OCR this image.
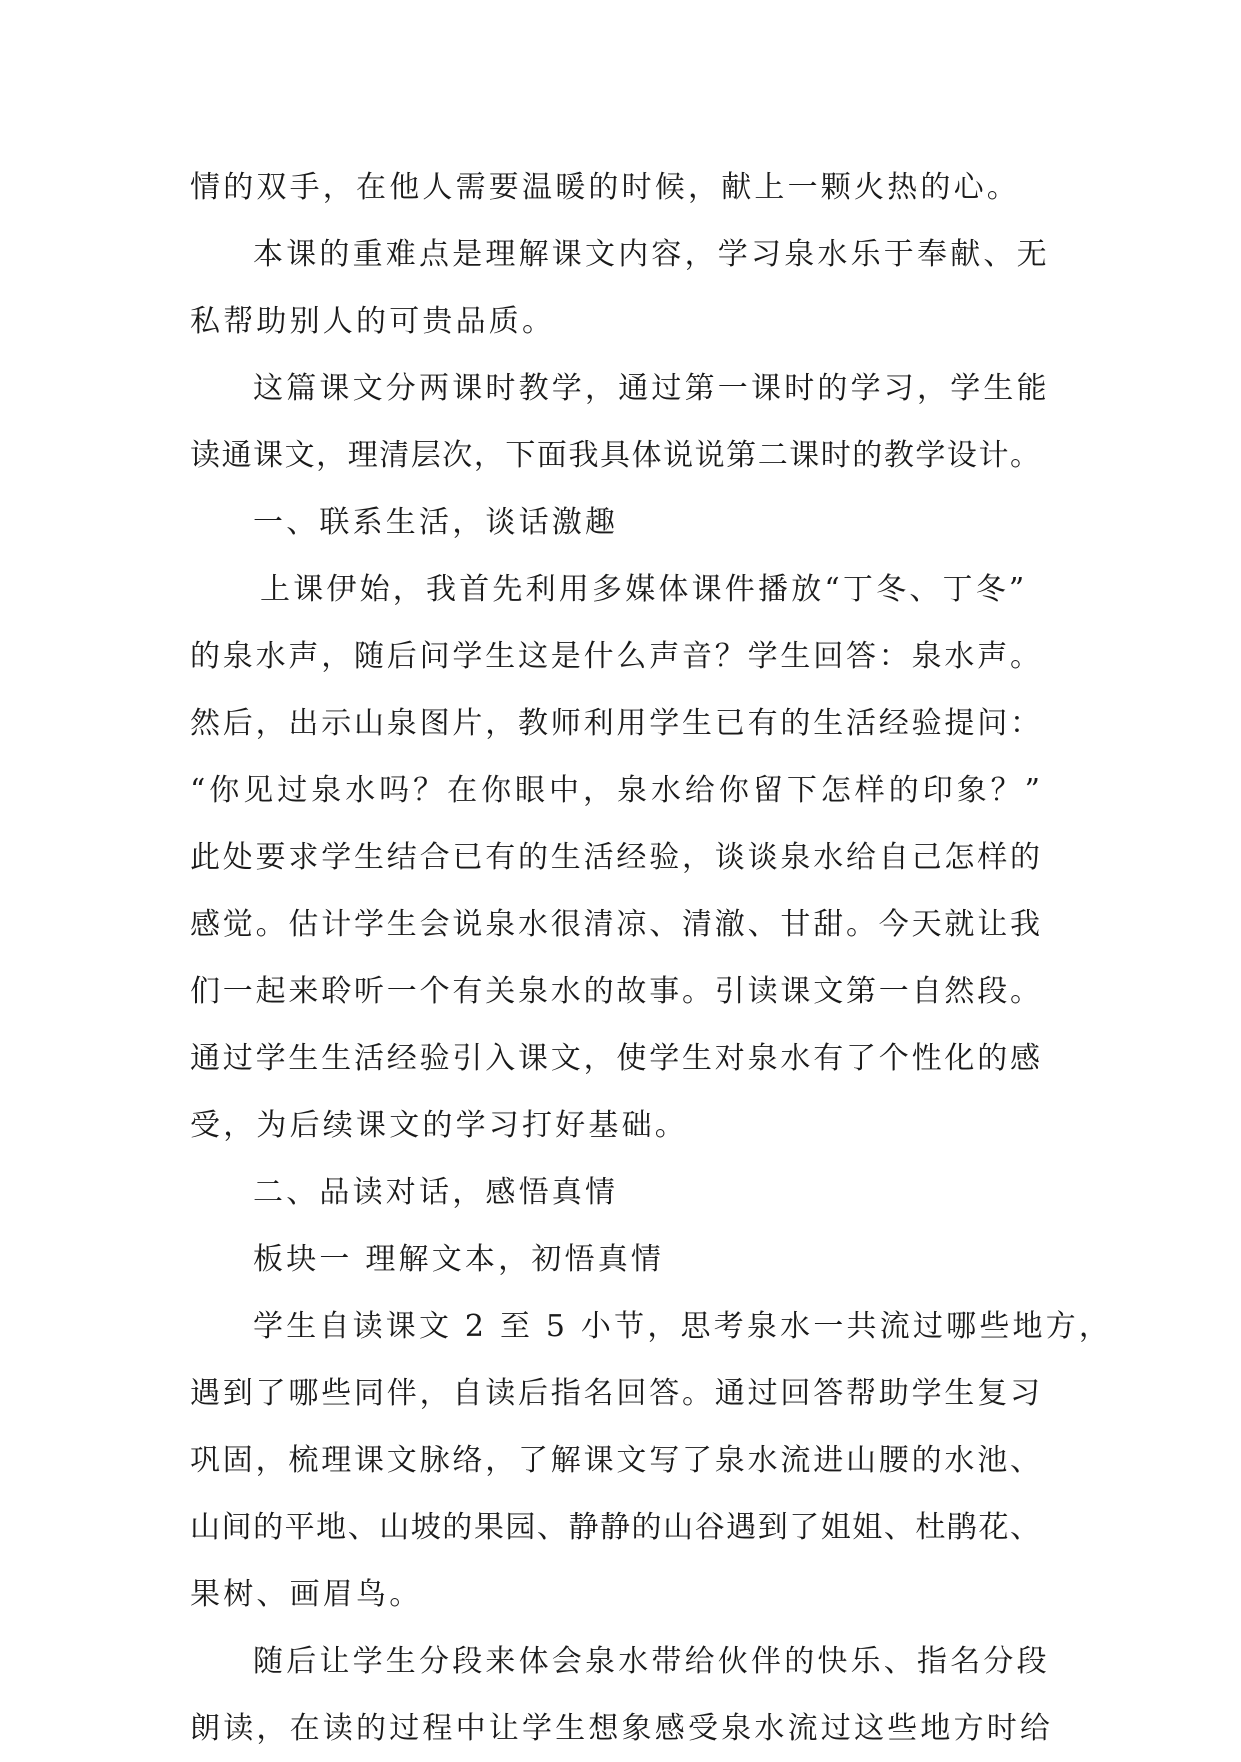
情的双手，在他人需要温暖的时候，献上一颗火热的心。
本课的重难点是理解课文内容，学习泉水乐于奉献、无
私帮助别人的可贵品质。
这篇课文分两课时教学，通过第一课时的学习，学生能
读通课文，理清层次，下面我具体说说第二课时的教学设计。
一、联系生活，谈话激趣
上课伊始，我首先利用多媒体课件播放“丁冬、丁冬”
的泉水声，随后问学生这是什么声音？学生回答：泉水声。
然后，出示山泉图片，教师利用学生已有的生活经验提问：
“你见过泉水吗？在你眼中，泉水给你留下怎样的印象？”
此处要求学生结合已有的生活经验，谈谈泉水给自己怎样的
感觉。估计学生会说泉水很清凉、清澈、甘甜。今天就让我
们一起来聆听一个有关泉水的故事。引读课文第一自然段。
通过学生生活经验引入课文，使学生对泉水有了个性化的感
受，为后续课文的学习打好基础。
二、品读对话，感悟真情
板块一 理解文本，初悟真情
学生自读课文 2 至 5 小节，思考泉水一共流过哪些地方，
遇到了哪些同伴，自读后指名回答。通过回答帮助学生复习
巩固，梳理课文脉络，了解课文写了泉水流进山腰的水池、
山间的平地、山坡的果园、静静的山谷遇到了姐姐、杜鹃花、
果树、画眉鸟。
随后让学生分段来体会泉水带给伙伴的快乐、指名分段
朗读，在读的过程中让学生想象感受泉水流过这些地方时给
